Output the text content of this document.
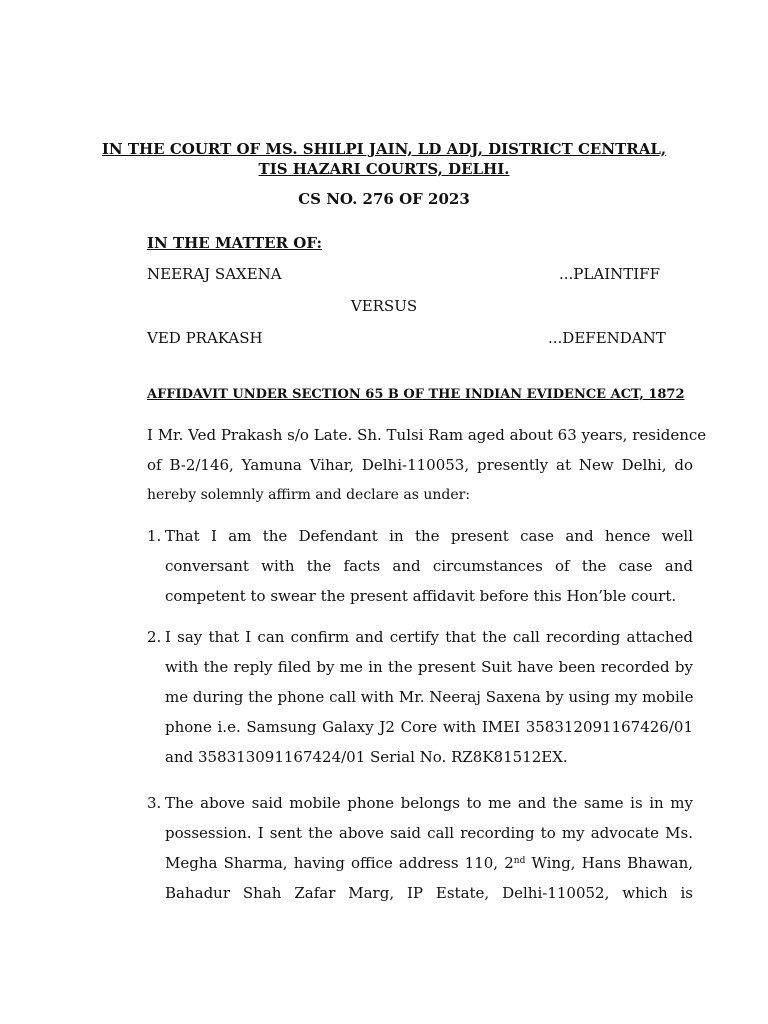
IN THE COURT OF MS. SHILPI JAIN, LD ADJ, DISTRICT CENTRAL,
TIS HAZARI COURTS, DELHI.
CS NO. 276 OF 2023
IN THE MATTER OF:
NEERAJ SAXENA	...PLAINTIFF
VERSUS
VED PRAKASH	...DEFENDANT
AFFIDAVIT UNDER SECTION 65 B OF THE INDIAN EVIDENCE ACT, 1872
I Mr. Ved Prakash s/o Late. Sh. Tulsi Ram aged about 63 years, residence
of B-2/146, Yamuna Vihar, Delhi-110053, presently at New Delhi, do
hereby solemnly affirm and declare as under:
1. That I am the Defendant in the present case and hence well
conversant with the facts and circumstances of the case and
competent to swear the present affidavit before this Hon’ble court.
2. I say that I can confirm and certify that the call recording attached
with the reply filed by me in the present Suit have been recorded by
me during the phone call with Mr. Neeraj Saxena by using my mobile
phone i.e. Samsung Galaxy J2 Core with IMEI 358312091167426/01
and 358313091167424/01 Serial No. RZ8K81512EX.
3. The above said mobile phone belongs to me and the same is in my
possession. I sent the above said call recording to my advocate Ms.
Megha Sharma, having office address 110, 2nd Wing, Hans Bhawan,
Bahadur Shah Zafar Marg, IP Estate, Delhi-110052, which is
